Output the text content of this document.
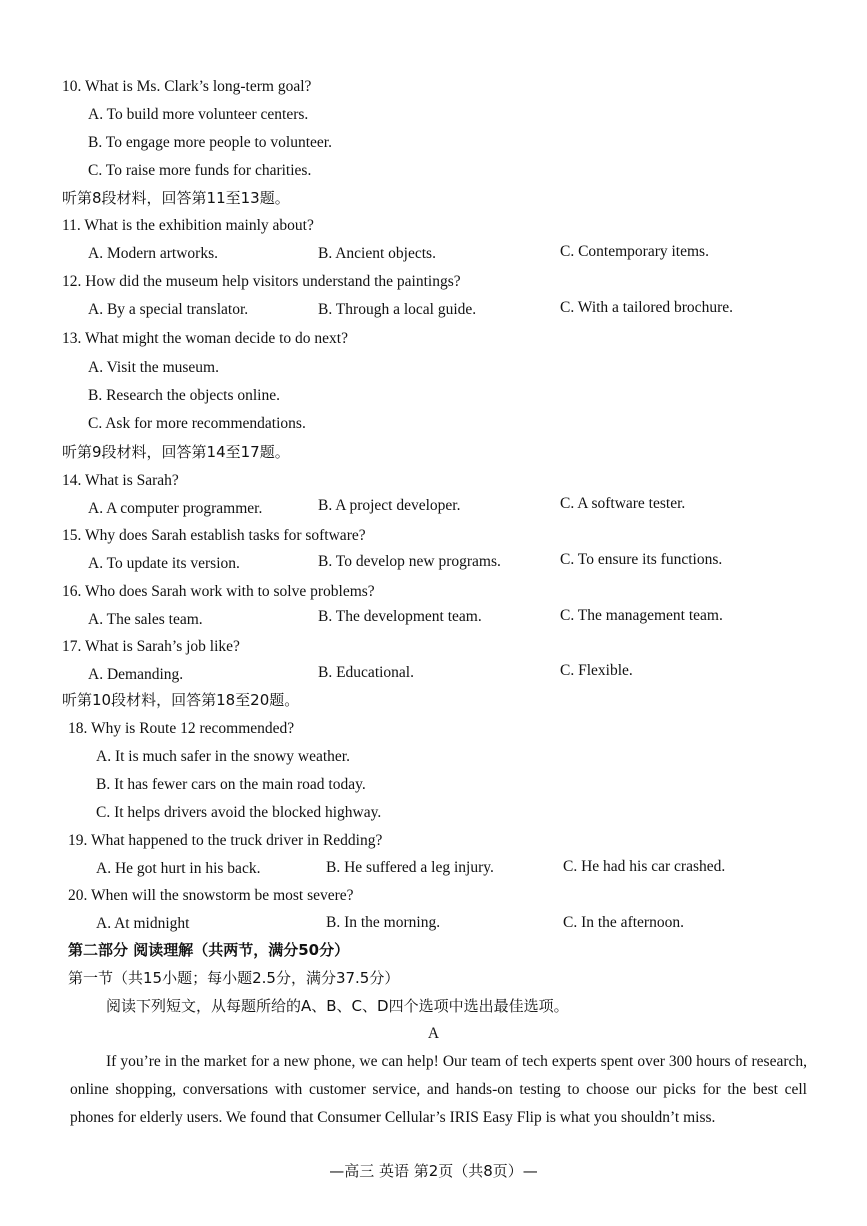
10. What is Ms. Clark’s long-term goal?
A. To build more volunteer centers.
B. To engage more people to volunteer.
C. To raise more funds for charities.
听第8段材料，回答第11至13题。
11. What is the exhibition mainly about?
A. Modern artworks.	B. Ancient objects.	C. Contemporary items.
12. How did the museum help visitors understand the paintings?
A. By a special translator.	B. Through a local guide.	C. With a tailored brochure.
13. What might the woman decide to do next?
A. Visit the museum.
B. Research the objects online.
C. Ask for more recommendations.
听第9段材料，回答第14至17题。
14. What is Sarah?
A. A computer programmer.	B. A project developer.	C. A software tester.
15. Why does Sarah establish tasks for software?
A. To update its version.	B. To develop new programs.	C. To ensure its functions.
16. Who does Sarah work with to solve problems?
A. The sales team.	B. The development team.	C. The management team.
17. What is Sarah’s job like?
A. Demanding.	B. Educational.	C. Flexible.
听第10段材料，回答第18至20题。
18. Why is Route 12 recommended?
A. It is much safer in the snowy weather.
B. It has fewer cars on the main road today.
C. It helps drivers avoid the blocked highway.
19. What happened to the truck driver in Redding?
A. He got hurt in his back.	B. He suffered a leg injury.	C. He had his car crashed.
20. When will the snowstorm be most severe?
A. At midnight	B. In the morning.	C. In the afternoon.
第二部分 阅读理解（共两节，满分50分）
第一节（共15小题；每小题2.5分，满分37.5分）
阅读下列短文，从每题所给的A、B、C、D四个选项中选出最佳选项。
A
If you’re in the market for a new phone, we can help! Our team of tech experts spent over 300 hours of research, online shopping, conversations with customer service, and hands-on testing to choose our picks for the best cell phones for elderly users. We found that Consumer Cellular’s IRIS Easy Flip is what you shouldn’t miss.
—高三 英语 第2页（共8页）—
